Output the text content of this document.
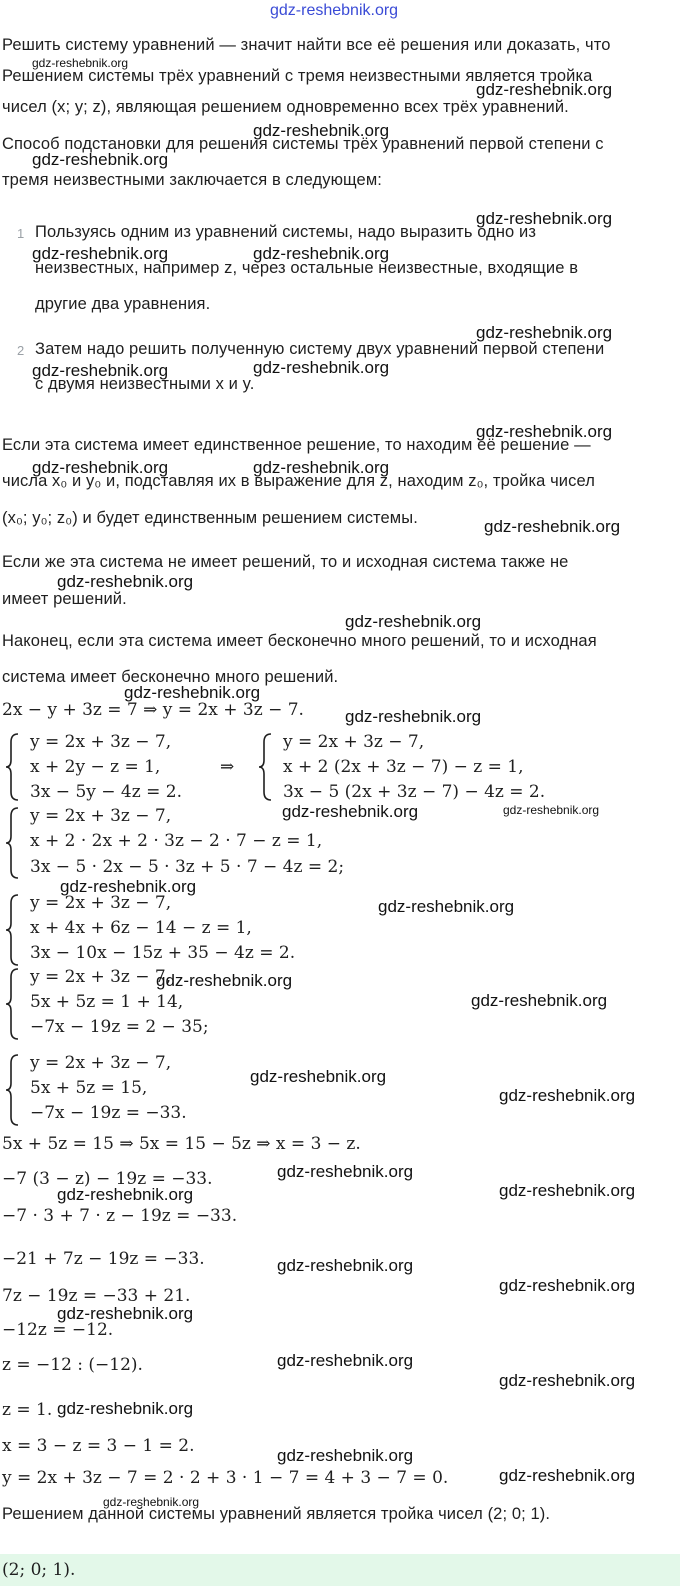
gdz-reshebnik.org
Решить систему уравнений — значит найти все её решения или доказать, что
Решением системы трёх уравнений с тремя неизвестными является тройка
чисел (x; y; z), являющая решением одновременно всех трёх уравнений.
Способ подстановки для решения системы трёх уравнений первой степени с
тремя неизвестными заключается в следующем:
1 Пользуясь одним из уравнений системы, надо выразить одно из
неизвестных, например z, через остальные неизвестные, входящие в
другие два уравнения.
2 Затем надо решить полученную систему двух уравнений первой степени
с двумя неизвестными x и y.
Если эта система имеет единственное решение, то находим её решение —
числа x₀ и y₀ и, подставляя их в выражение для z, находим z₀, тройка чисел
(x₀; y₀; z₀) и будет единственным решением системы.
Если же эта система не имеет решений, то и исходная система также не
имеет решений.
Наконец, если эта система имеет бесконечно много решений, то и исходная
система имеет бесконечно много решений.
2x − y + 3z = 7 ⇒ y = 2x + 3z − 7.
y = 2x + 3z − 7,
x + 2y − z = 1,
3x − 5y − 4z = 2.
⇒
y = 2x + 3z − 7,
x + 2 (2x + 3z − 7) − z = 1,
3x − 5 (2x + 3z − 7) − 4z = 2.
y = 2x + 3z − 7,
x + 2 · 2x + 2 · 3z − 2 · 7 − z = 1,
3x − 5 · 2x − 5 · 3z + 5 · 7 − 4z = 2;
y = 2x + 3z − 7,
x + 4x + 6z − 14 − z = 1,
3x − 10x − 15z + 35 − 4z = 2.
y = 2x + 3z − 7,
5x + 5z = 1 + 14,
−7x − 19z = 2 − 35;
y = 2x + 3z − 7,
5x + 5z = 15,
−7x − 19z = −33.
5x + 5z = 15 ⇒ 5x = 15 − 5z ⇒ x = 3 − z.
−7 (3 − z) − 19z = −33.
−7 · 3 + 7 · z − 19z = −33.
−21 + 7z − 19z = −33.
7z − 19z = −33 + 21.
−12z = −12.
z = −12 : (−12).
z = 1.
x = 3 − z = 3 − 1 = 2.
y = 2x + 3z − 7 = 2 · 2 + 3 · 1 − 7 = 4 + 3 − 7 = 0.
Решением данной системы уравнений является тройка чисел (2; 0; 1).
(2; 0; 1).
gdz-reshebnik.org
gdz-reshebnik.org
gdz-reshebnik.org
gdz-reshebnik.org
gdz-reshebnik.org
gdz-reshebnik.org	gdz-reshebnik.org
gdz-reshebnik.org
gdz-reshebnik.org	gdz-reshebnik.org
gdz-reshebnik.org
gdz-reshebnik.org	gdz-reshebnik.org
gdz-reshebnik.org
gdz-reshebnik.org
gdz-reshebnik.org
gdz-reshebnik.org
gdz-reshebnik.org
gdz-reshebnik.org	gdz-reshebnik.org
gdz-reshebnik.org
gdz-reshebnik.org
gdz-reshebnik.org
gdz-reshebnik.org
gdz-reshebnik.org
gdz-reshebnik.org
gdz-reshebnik.org
gdz-reshebnik.org	gdz-reshebnik.org
gdz-reshebnik.org
gdz-reshebnik.org
gdz-reshebnik.org
gdz-reshebnik.org
gdz-reshebnik.org
gdz-reshebnik.org
gdz-reshebnik.org
gdz-reshebnik.org
gdz-reshebnik.org
